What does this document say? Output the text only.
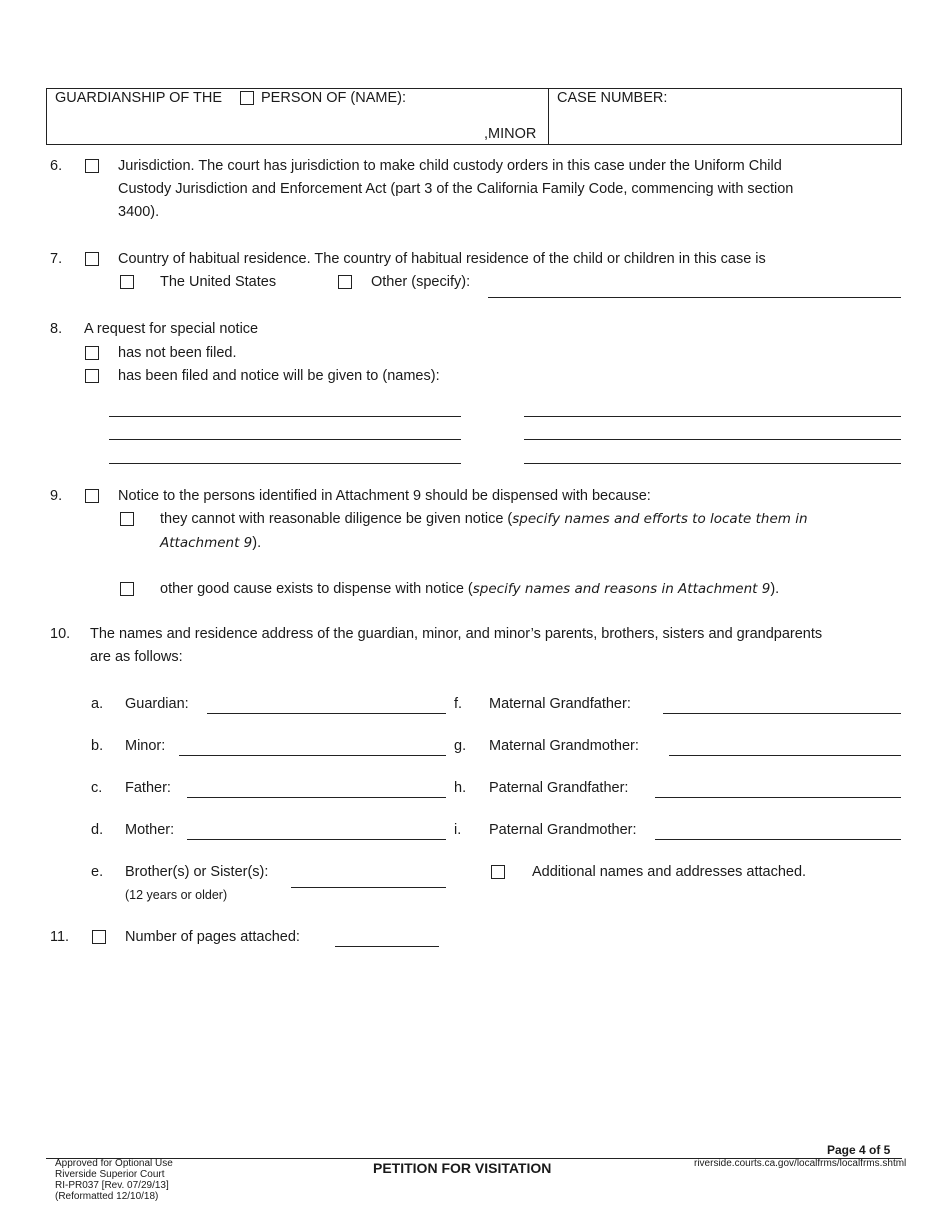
GUARDIANSHIP OF THE	PERSON OF (NAME):
,MINOR
CASE NUMBER:
6.	Jurisdiction. The court has jurisdiction to make child custody orders in this case under the Uniform Child
Custody Jurisdiction and Enforcement Act (part 3 of the California Family Code, commencing with section
3400).
7.	Country of habitual residence. The country of habitual residence of the child or children in this case is
The United States	Other (specify):
8. A request for special notice
has not been filed.
has been filed and notice will be given to (names):
9.	Notice to the persons identified in Attachment 9 should be dispensed with because:
they cannot with reasonable diligence be given notice (specify names and efforts to locate them in
Attachment 9).
other good cause exists to dispense with notice (specify names and reasons in Attachment 9).
10. The names and residence address of the guardian, minor, and minor’s parents, brothers, sisters and grandparents
are as follows:
a. Guardian:
b. Minor:
c. Father:
d. Mother:
e. Brother(s) or Sister(s):
(12 years or older)
f. Maternal Grandfather:
g. Maternal Grandmother:
h. Paternal Grandfather:
i. Paternal Grandmother:
Additional names and addresses attached.
11.	Number of pages attached:
Page 4 of 5
Approved for Optional Use
Riverside Superior Court
RI-PR037 [Rev. 07/29/13]
(Reformatted 12/10/18)
PETITION FOR VISITATION	riverside.courts.ca.gov/localfrms/localfrms.shtml
